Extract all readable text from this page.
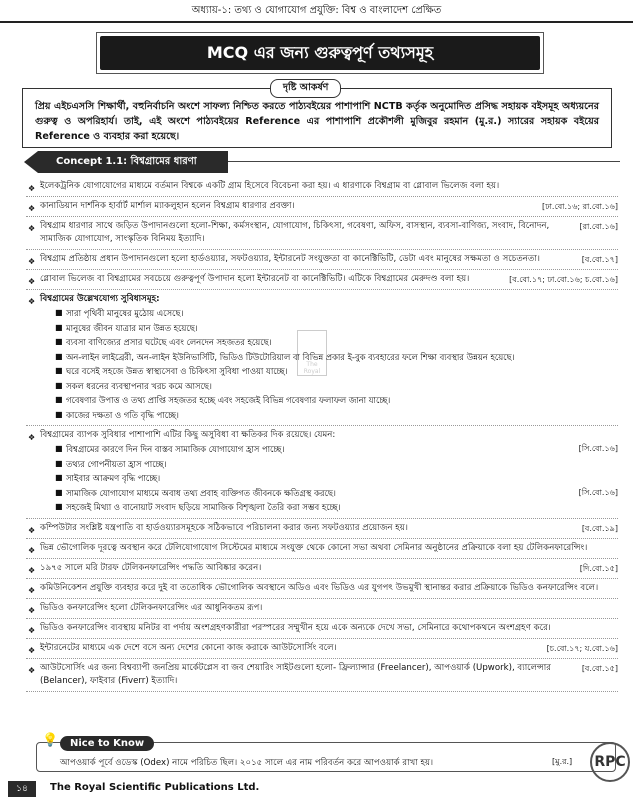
অধ্যায়-১: তথ্য ও যোগাযোগ প্রযুক্তি: বিশ্ব ও বাংলাদেশ প্রেক্ষিত
MCQ এর জন্য গুরুত্বপূর্ণ তথ্যসমূহ
প্রিয় এইচএসসি শিক্ষার্থী, বহুনির্বাচনি অংশে সাফল্য নিশ্চিত করতে পাঠ্যবইয়ের পাশাপাশি NCTB কর্তৃক অনুমোদিত প্রসিদ্ধ সহায়ক বইসমূহ অধ্যয়নের গুরুত্ব ও অপরিহার্য। তাই, এই অংশে পাঠ্যবইয়ের Reference এর পাশাপাশি প্রকৌশলী মুজিবুর রহমান (মু.র.) স্যারের সহায়ক বইয়ের Reference ও ব্যবহার করা হয়েছে।
দৃষ্টি আকর্ষণ
Concept 1.1: বিশ্বগ্রামের ধারণা
The Royal
❖ ইলেকট্রনিক যোগাযোগের মাধ্যমে বর্তমান বিশ্বকে একটি গ্রাম হিসেবে বিবেচনা করা হয়। এ ধারণাকে বিশ্বগ্রাম বা গ্লোবাল ভিলেজ বলা হয়।
❖	[ঢা.বো.১৬; রা.বো.১৬]
কানাডিয়ান দার্শনিক হার্বার্ট মার্শাল ম্যাকলুহান হলেন বিশ্বগ্রাম ধারণার প্রবক্তা।
❖	[রা.বো.১৬]
বিশ্বগ্রাম ধারণার সাথে জড়িত উপাদানগুলো হলো-শিক্ষা, কর্মসংস্থান, যোগাযোগ, চিকিৎসা, গবেষণা, অফিস, বাসস্থান, ব্যবসা-বাণিজ্য, সংবাদ, বিনোদন, সামাজিক যোগাযোগ, সাংস্কৃতিক বিনিময় ইত্যাদি।
❖	[ব.বো.১৭]
বিশ্বগ্রাম প্রতিষ্ঠায় প্রধান উপাদানগুলো হলো হার্ডওয়্যার, সফটওয়্যার, ইন্টারনেট সংযুক্ততা বা কানেক্টিভিটি, ডেটা এবং মানুষের সক্ষমতা ও সচেতনতা।
❖	[ব.বো.১৭; ঢা.বো.১৬; চ.বো.১৬]
গ্লোবাল ভিলেজ বা বিশ্বগ্রামের সবচেয়ে গুরুত্বপূর্ণ উপাদান হলো ইন্টারনেট বা কানেক্টিভিটি। এটিকে বিশ্বগ্রামের মেরুদণ্ড বলা হয়।
❖ বিশ্বগ্রামের উল্লেখযোগ্য সুবিধাসমূহ:
■ সারা পৃথিবী মানুষের মুঠোয় এসেছে।
■ মানুষের জীবন যাত্রার মান উন্নত হয়েছে।
■ ব্যবসা বাণিজ্যের প্রসার ঘটেছে এবং লেনদেন সহজতর হয়েছে।
■ অন-লাইন লাইব্রেরী, অন-লাইন ইউনিভার্সিটি, ভিডিও টিউটোরিয়াল বা বিভিন্ন প্রকার ই-বুক ব্যবহারের ফলে শিক্ষা ব্যবস্থার উন্নয়ন হয়েছে।
■ ঘরে বসেই সহজে উন্নত স্বাস্থ্যসেবা ও চিকিৎসা সুবিধা পাওয়া যাচ্ছে।
■ সকল ধরনের ব্যবস্থাপনার খরচ কমে আসছে।
■ গবেষণার উপাত্ত ও তথ্য প্রাপ্তি সহজতর হচ্ছে এবং সহজেই বিভিন্ন গবেষণার ফলাফল জানা যাচ্ছে।
■ কাজের দক্ষতা ও গতি বৃদ্ধি পাচ্ছে।
❖ বিশ্বগ্রামের ব্যাপক সুবিধার পাশাপাশি এটির কিছু অসুবিধা বা ক্ষতিকর দিক রয়েছে। যেমন:
■	[সি.বো.১৬]
বিশ্বগ্রামের কারণে দিন দিন বাস্তব সামাজিক যোগাযোগ হ্রাস পাচ্ছে।
■ তথ্যর গোপনীয়তা হ্রাস পাচ্ছে।
■ সাইবার আক্রমণ বৃদ্ধি পাচ্ছে।
■	[সি.বো.১৬]
সামাজিক যোগাযোগ মাধ্যমে অবাধ তথ্য প্রবাহ ব্যক্তিগত জীবনকে ক্ষতিগ্রস্থ করছে।
■ সহজেই মিথ্যা ও বানোয়াট সংবাদ ছড়িয়ে সামাজিক বিশৃঙ্খলা তৈরি করা সম্ভব হচ্ছে।
❖	[ব.বো.১৯]
কম্পিউটার সংশ্লিষ্ট যন্ত্রপাতি বা হার্ডওয়্যারসমূহকে সঠিকভাবে পরিচালনা করার জন্য সফটওয়্যার প্রয়োজন হয়।
❖ ভিন্ন ভৌগোলিক দূরত্বে অবস্থান করে টেলিযোগাযোগ সিস্টেমের মাধ্যমে সংযুক্ত থেকে কোনো সভা অথবা সেমিনার অনুষ্ঠানের প্রক্রিয়াকে বলা হয় টেলিকনফারেন্সিং।
❖	[দি.বো.১৫]
১৯৭৫ সালে মরি টারফ টেলিকনফারেন্সিং পদ্ধতি আবিষ্কার করেন।
❖ কমিউনিকেশন প্রযুক্তি ব্যবহার করে দুই বা ততোধিক ভৌগোলিক অবস্থানে অডিও এবং ভিডিও এর যুগপৎ উভমুখী স্থানান্তর করার প্রক্রিয়াকে ভিডিও কনফারেন্সিং বলে।
❖ ভিডিও কনফারেন্সিং হলো টেলিকনফারেন্সিং এর আধুনিকতম রূপ।
❖ ভিডিও কনফারেন্সিং ব্যবস্থায় মনিটর বা পর্দায় অংশগ্রহণকারীরা পরস্পরের সম্মুখীন হয়ে একে অন্যকে দেখে সভা, সেমিনারে কথোপকথনে অংশগ্রহণ করে।
❖	[চ.বো.১৭; য.বো.১৬]
ইন্টারনেটের মাধ্যমে এক দেশে বসে অন্য দেশের কোনো কাজ করাকে আউটসোর্সিং বলে।
❖	[ব.বো.১৫]
আউটসোর্সিং এর জন্য বিশ্বব্যাপী জনপ্রিয় মার্কেটপ্লেস বা জব শেয়ারিং সাইটগুলো হলো- ফ্রিল্যান্সার (Freelancer), আপওয়ার্ক (Upwork), ব্যালেন্সার (Belancer), ফাইবার (Fiverr) ইত্যাদি।
💡	Nice to Know
আপওয়ার্ক পূর্বে ওডেস্ক (Odex) নামে পরিচিত ছিল। ২০১৫ সালে এর নাম পরিবর্তন করে আপওয়ার্ক রাখা হয়।	[মু.র.]
১৪	The Royal Scientific Publications Ltd.
RPC
